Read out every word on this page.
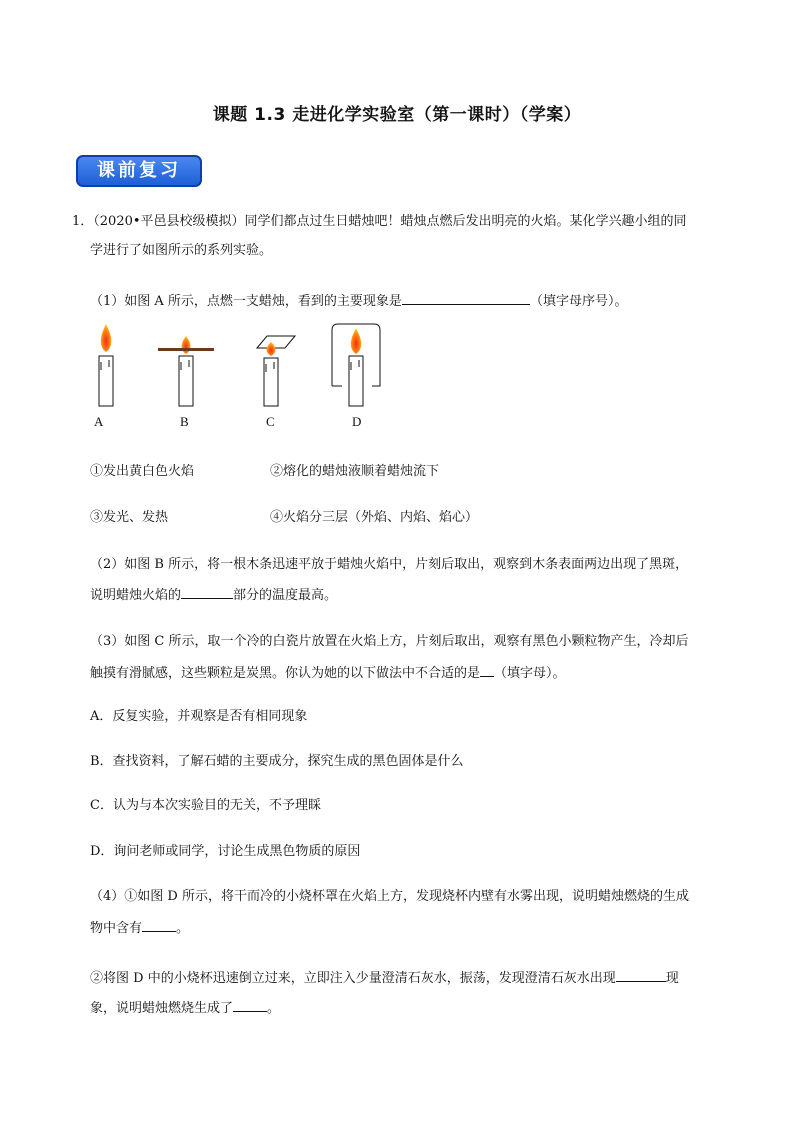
课题 1.3 走进化学实验室（第一课时）（学案）
课前复习
1．（2020•平邑县校级模拟）同学们都点过生日蜡烛吧！蜡烛点燃后发出明亮的火焰。某化学兴趣小组的同
学进行了如图所示的系列实验。
（1）如图 A 所示，点燃一支蜡烛，看到的主要现象是	（填字母序号）。
A	B	C	D
①发出黄白色火焰	②熔化的蜡烛液顺着蜡烛流下
③发光、发热	④火焰分三层（外焰、内焰、焰心）
（2）如图 B 所示，将一根木条迅速平放于蜡烛火焰中，片刻后取出，观察到木条表面两边出现了黑斑，
说明蜡烛火焰的	部分的温度最高。
（3）如图 C 所示，取一个冷的白瓷片放置在火焰上方，片刻后取出，观察有黑色小颗粒物产生，冷却后
触摸有滑腻感，这些颗粒是炭黑。你认为她的以下做法中不合适的是 （填字母）。
A．反复实验，并观察是否有相同现象
B．查找资料，了解石蜡的主要成分，探究生成的黑色固体是什么
C．认为与本次实验目的无关，不予理睬
D．询问老师或同学，讨论生成黑色物质的原因
（4）①如图 D 所示，将干而冷的小烧杯罩在火焰上方，发现烧杯内壁有水雾出现，说明蜡烛燃烧的生成
物中含有	。
②将图 D 中的小烧杯迅速倒立过来，立即注入少量澄清石灰水，振荡，发现澄清石灰水出现	现
象，说明蜡烛燃烧生成了	。
